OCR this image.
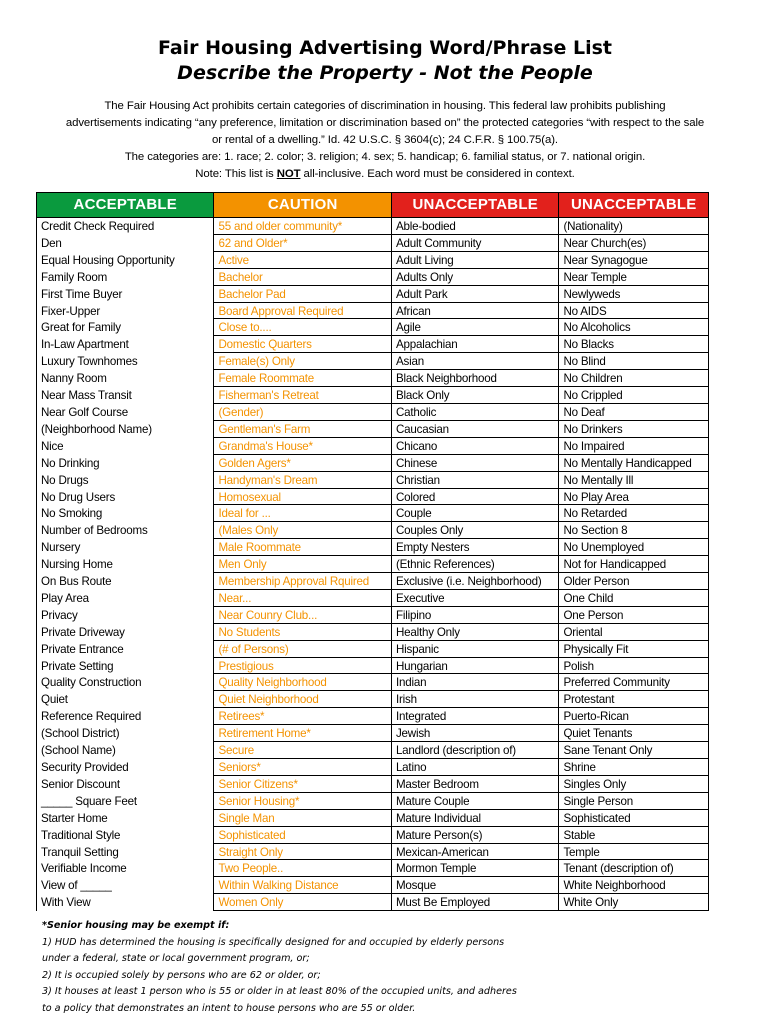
Fair Housing Advertising Word/Phrase List
Describe the Property - Not the People

The Fair Housing Act prohibits certain categories of discrimination in housing. This federal law prohibits publishing

advertisements indicating “any preference, limitation or discrimination based on” the protected categories “with respect to the sale

or rental of a dwelling.” Id. 42 U.S.C. § 3604(c); 24 C.F.R. § 100.75(a).

The categories are: 1. race; 2. color; 3. religion; 4. sex; 5. handicap; 6. familial status, or 7. national origin.

Note: This list is NOT all-inclusive. Each word must be considered in context.

ACCEPTABLE
Credit Check Required
Den
Equal Housing Opportunity
Family Room
First Time Buyer
Fixer-Upper
Great for Family
In-Law Apartment
Luxury Townhomes
Nanny Room
Near Mass Transit
Near Golf Course
(Neighborhood Name)
Nice
No Drinking
No Drugs
No Drug Users
No Smoking
Number of Bedrooms
Nursery
Nursing Home
On Bus Route
Play Area
Privacy
Private Driveway
Private Entrance
Private Setting
Quality Construction
Quiet
Reference Required
(School District)
(School Name)
Security Provided
Senior Discount
_____ Square Feet
Starter Home
Traditional Style
Tranquil Setting
Verifiable Income
View of _____
With View
CAUTION
55 and older community*
62 and Older*
Active
Bachelor
Bachelor Pad
Board Approval Required
Close to....
Domestic Quarters
Female(s) Only
Female Roommate
Fisherman's Retreat
(Gender)
Gentleman's Farm
Grandma's House*
Golden Agers*
Handyman's Dream
Homosexual
Ideal for ...
(Males Only
Male Roommate
Men Only
Membership Approval Rquired
Near...
Near Counry Club...
No Students
(# of Persons)
Prestigious
Quality Neighborhood
Quiet Neighborhood
Retirees*
Retirement Home*
Secure
Seniors*
Senior Citizens*
Senior Housing*
Single Man
Sophisticated
Straight Only
Two People..
Within Walking Distance
Women Only
UNACCEPTABLE
Able-bodied
Adult Community
Adult Living
Adults Only
Adult Park
African
Agile
Appalachian
Asian
Black Neighborhood
Black Only
Catholic
Caucasian
Chicano
Chinese
Christian
Colored
Couple
Couples Only
Empty Nesters
(Ethnic References)
Exclusive (i.e. Neighborhood)
Executive
Filipino
Healthy Only
Hispanic
Hungarian
Indian
Irish
Integrated
Jewish
Landlord (description of)
Latino
Master Bedroom
Mature Couple
Mature Individual
Mature Person(s)
Mexican-American
Mormon Temple
Mosque
Must Be Employed
UNACCEPTABLE
(Nationality)
Near Church(es)
Near Synagogue
Near Temple
Newlyweds
No AIDS
No Alcoholics
No Blacks
No Blind
No Children
No Crippled
No Deaf
No Drinkers
No Impaired
No Mentally Handicapped
No Mentally Ill
No Play Area
No Retarded
No Section 8
No Unemployed
Not for Handicapped
Older Person
One Child
One Person
Oriental
Physically Fit
Polish
Preferred Community
Protestant
Puerto-Rican
Quiet Tenants
Sane Tenant Only
Shrine
Singles Only
Single Person
Sophisticated
Stable
Temple
Tenant (description of)
White Neighborhood
White Only

*Senior housing may be exempt if:

1) HUD has determined the housing is specifically designed for and occupied by elderly persons

under a federal, state or local government program, or;

2) It is occupied solely by persons who are 62 or older, or;

3) It houses at least 1 person who is 55 or older in at least 80% of the occupied units, and adheres

to a policy that demonstrates an intent to house persons who are 55 or older.
